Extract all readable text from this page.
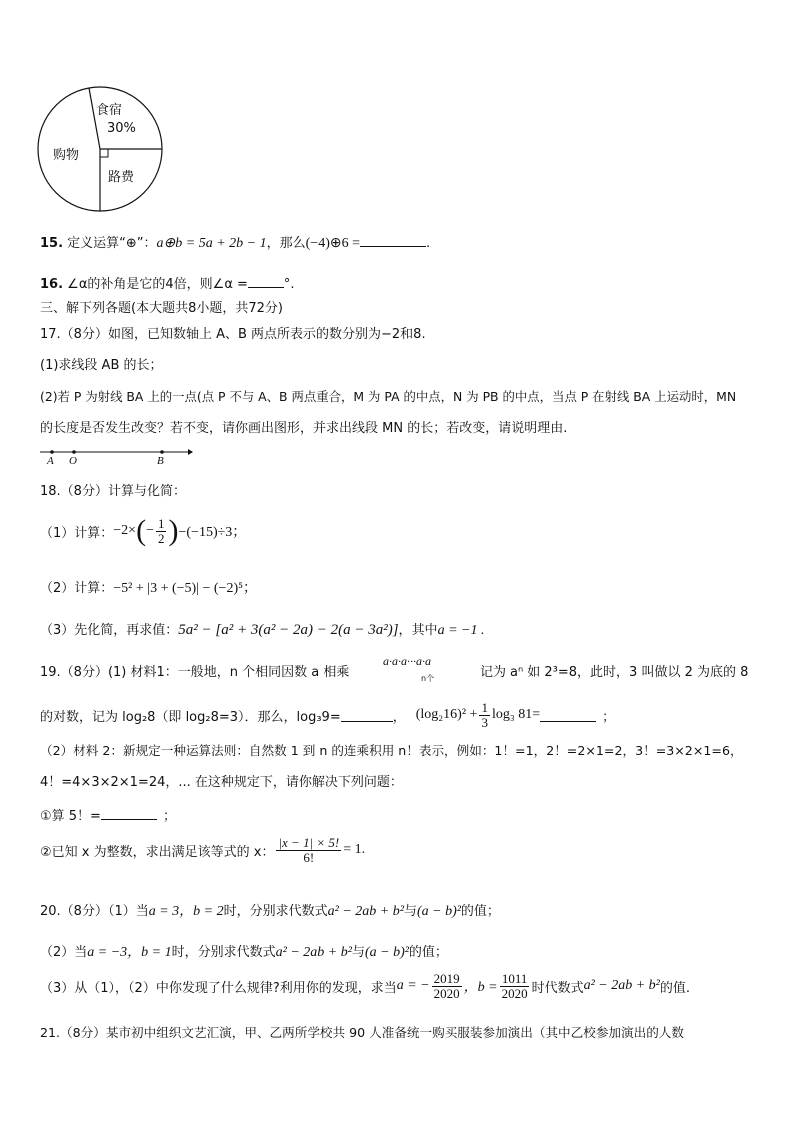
食宿
30%
购物
路费
15. 定义运算“⊕”：a⊕b = 5a + 2b − 1，那么(−4)⊕6 =	.
16. ∠α的补角是它的4倍，则∠α =	°.
三、解下列各题(本大题共8小题，共72分)
17.（8分）如图，已知数轴上 A、B 两点所表示的数分别为−2和8.
(1)求线段 AB 的长；
(2)若 P 为射线 BA 上的一点(点 P 不与 A、B 两点重合，M 为 PA 的中点，N 为 PB 的中点，当点 P 在射线 BA 上运动时，MN
的长度是否发生改变？若不变，请你画出图形，并求出线段 MN 的长；若改变，请说明理由.
A O	B
18.（8分）计算与化简：
（1）计算： −2× ( − $\frac{1}{2}$ ) −(−15)÷3；
（2）计算：−5² + |3 + (−5)| − (−2)⁵；
（3）先化简，再求值：5a² − [a² + 3(a² − 2a) − 2(a − 3a²)]，其中a = −1 .
19.（8分）(1) 材料1：一般地，n 个相同因数 a 相乘
a·a·a···a·a
n个	记为 aⁿ 如 2³=8，此时，3 叫做以 2 为底的 8
的对数，记为 log₂8（即 log₂8=3）．那么，log₃9=	， $(\log_216)^2 + \frac{1}{3} \log_3$ 81=	；
（2）材料 2：新规定一种运算法则：自然数 1 到 n 的连乘积用 n！表示，例如：1！=1，2！=2×1=2，3！=3×2×1=6，
4！=4×3×2×1=24，... 在这种规定下，请你解决下列问题：
①算 5！=	；
②已知 x 为整数，求出满足该等式的 x： $\frac{|x - 1| \times 5!}{6!} = 1$.
20.（8分）（1）当a = 3，b = 2时，分别求代数式a² − 2ab + b²与(a − b)²的值；
（2）当a = −3，b = 1时，分别求代数式a² − 2ab + b²与(a − b)²的值；
（3）从（1），（2）中你发现了什么规律?利用你的发现，求当 a = − $\frac{2019}{2020}$ ，$b = \frac{1011}{2020}$ 时代数式 a² − 2ab + b² 的值.
21.（8分）某市初中组织文艺汇演，甲、乙两所学校共 90 人准备统一购买服装参加演出（其中乙校参加演出的人数
